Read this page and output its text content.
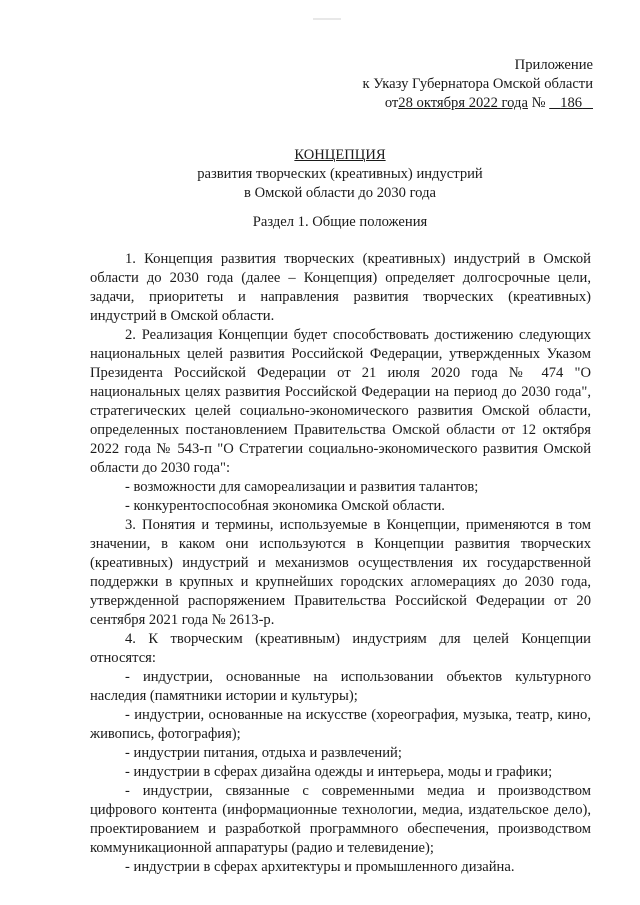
Приложение
к Указу Губернатора Омской области
от28 октября 2022 года № 186
КОНЦЕПЦИЯ
развития творческих (креативных) индустрий
в Омской области до 2030 года
Раздел 1. Общие положения

1. Концепция развития творческих (креативных) индустрий в Омской области до 2030 года (далее – Концепция) определяет долгосрочные цели, задачи, приоритеты и направления развития творческих (креативных) индустрий в Омской области.

2. Реализация Концепции будет способствовать достижению следующих национальных целей развития Российской Федерации, утвержденных Указом Президента Российской Федерации от 21 июля 2020 года № 474 "О национальных целях развития Российской Федерации на период до 2030 года", стратегических целей социально-экономического развития Омской области, определенных постановлением Правительства Омской области от 12 октября 2022 года № 543-п "О Стратегии социально-экономического развития Омской области до 2030 года":

- возможности для самореализации и развития талантов;

- конкурентоспособная экономика Омской области.

3. Понятия и термины, используемые в Концепции, применяются в том значении, в каком они используются в Концепции развития творческих (креативных) индустрий и механизмов осуществления их государственной поддержки в крупных и крупнейших городских агломерациях до 2030 года, утвержденной распоряжением Правительства Российской Федерации от 20 сентября 2021 года № 2613-р.

4. К творческим (креативным) индустриям для целей Концепции относятся:

- индустрии, основанные на использовании объектов культурного наследия (памятники истории и культуры);

- индустрии, основанные на искусстве (хореография, музыка, театр, кино, живопись, фотография);

- индустрии питания, отдыха и развлечений;

- индустрии в сферах дизайна одежды и интерьера, моды и графики;

- индустрии, связанные с современными медиа и производством цифрового контента (информационные технологии, медиа, издательское дело), проектированием и разработкой программного обеспечения, производством коммуникационной аппаратуры (радио и телевидение);

- индустрии в сферах архитектуры и промышленного дизайна.
